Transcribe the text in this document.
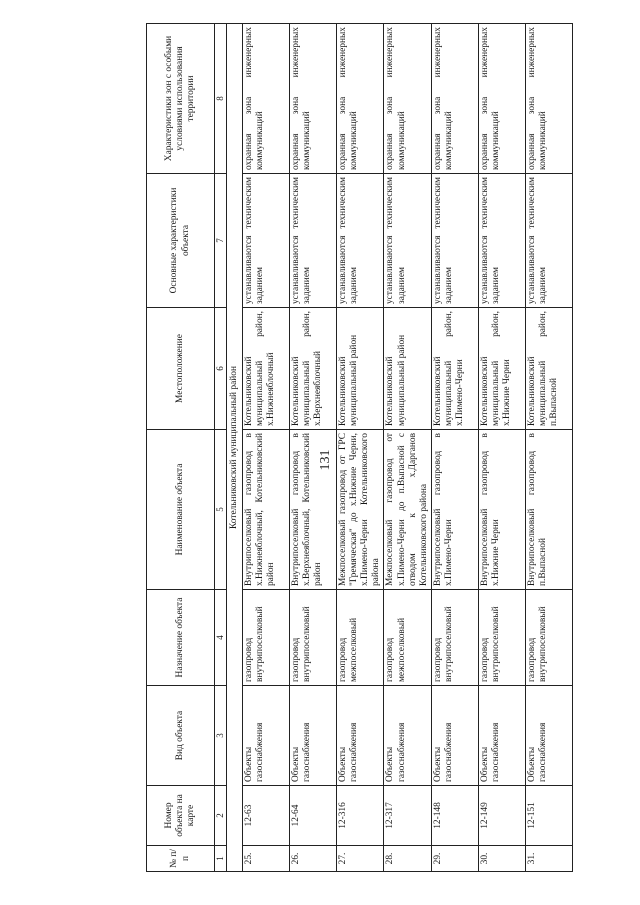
131
№ п/п	Номер объекта на карте	Вид объекта	Назначение объекта	Наименование объекта	Местоположение	Основные характеристики объекта	Характеристики зон с особыми условиями использования территории
1	2	3	4	5	6	7	8
Котельниковский муниципальный район							
25.	12-63	Объекты газоснабжения	газопровод внутрипоселковый	Внутрипоселковый газопровод в х.Нижнеяблочный, Котельниковский район	Котельниковский муниципальный район, х.Нижнеяблочный	устанавливаются техническим заданием	охранная зона инженерных коммуникаций
26.	12-64	Объекты газоснабжения	газопровод внутрипоселковый	Внутрипоселковый газопровод в х.Верхнеяблочный, Котельниковский район	Котельниковский муниципальный район, х.Верхнеяблочный	устанавливаются техническим заданием	охранная зона инженерных коммуникаций
27.	12-316	Объекты газоснабжения	газопровод межпоселковый	Межпоселковый газопровод от ГРС "Гремяческая" до х.Нижние Черни, х.Пимено-Черни Котельниковского района	Котельниковский муниципальный район	устанавливаются техническим заданием	охранная зона инженерных коммуникаций
28.	12-317	Объекты газоснабжения	газопровод межпоселковый	Межпоселковый газопровод от х.Пимено-Черни до п.Выпасной с отводом к х.Дарганов Котельниковского района	Котельниковский муниципальный район	устанавливаются техническим заданием	охранная зона инженерных коммуникаций
29.	12-148	Объекты газоснабжения	газопровод внутрипоселковый	Внутрипоселковый газопровод в х.Пимено-Черни	Котельниковский муниципальный район, х.Пимено-Черни	устанавливаются техническим заданием	охранная зона инженерных коммуникаций
30.	12-149	Объекты газоснабжения	газопровод внутрипоселковый	Внутрипоселковый газопровод в х.Нижние Черни	Котельниковский муниципальный район, х.Нижние Черни	устанавливаются техническим заданием	охранная зона инженерных коммуникаций
31.	12-151	Объекты газоснабжения	газопровод внутрипоселковый	Внутрипоселковый газопровод в п.Выпасной	Котельниковский муниципальный район, п.Выпасной	устанавливаются техническим заданием	охранная зона инженерных коммуникаций
